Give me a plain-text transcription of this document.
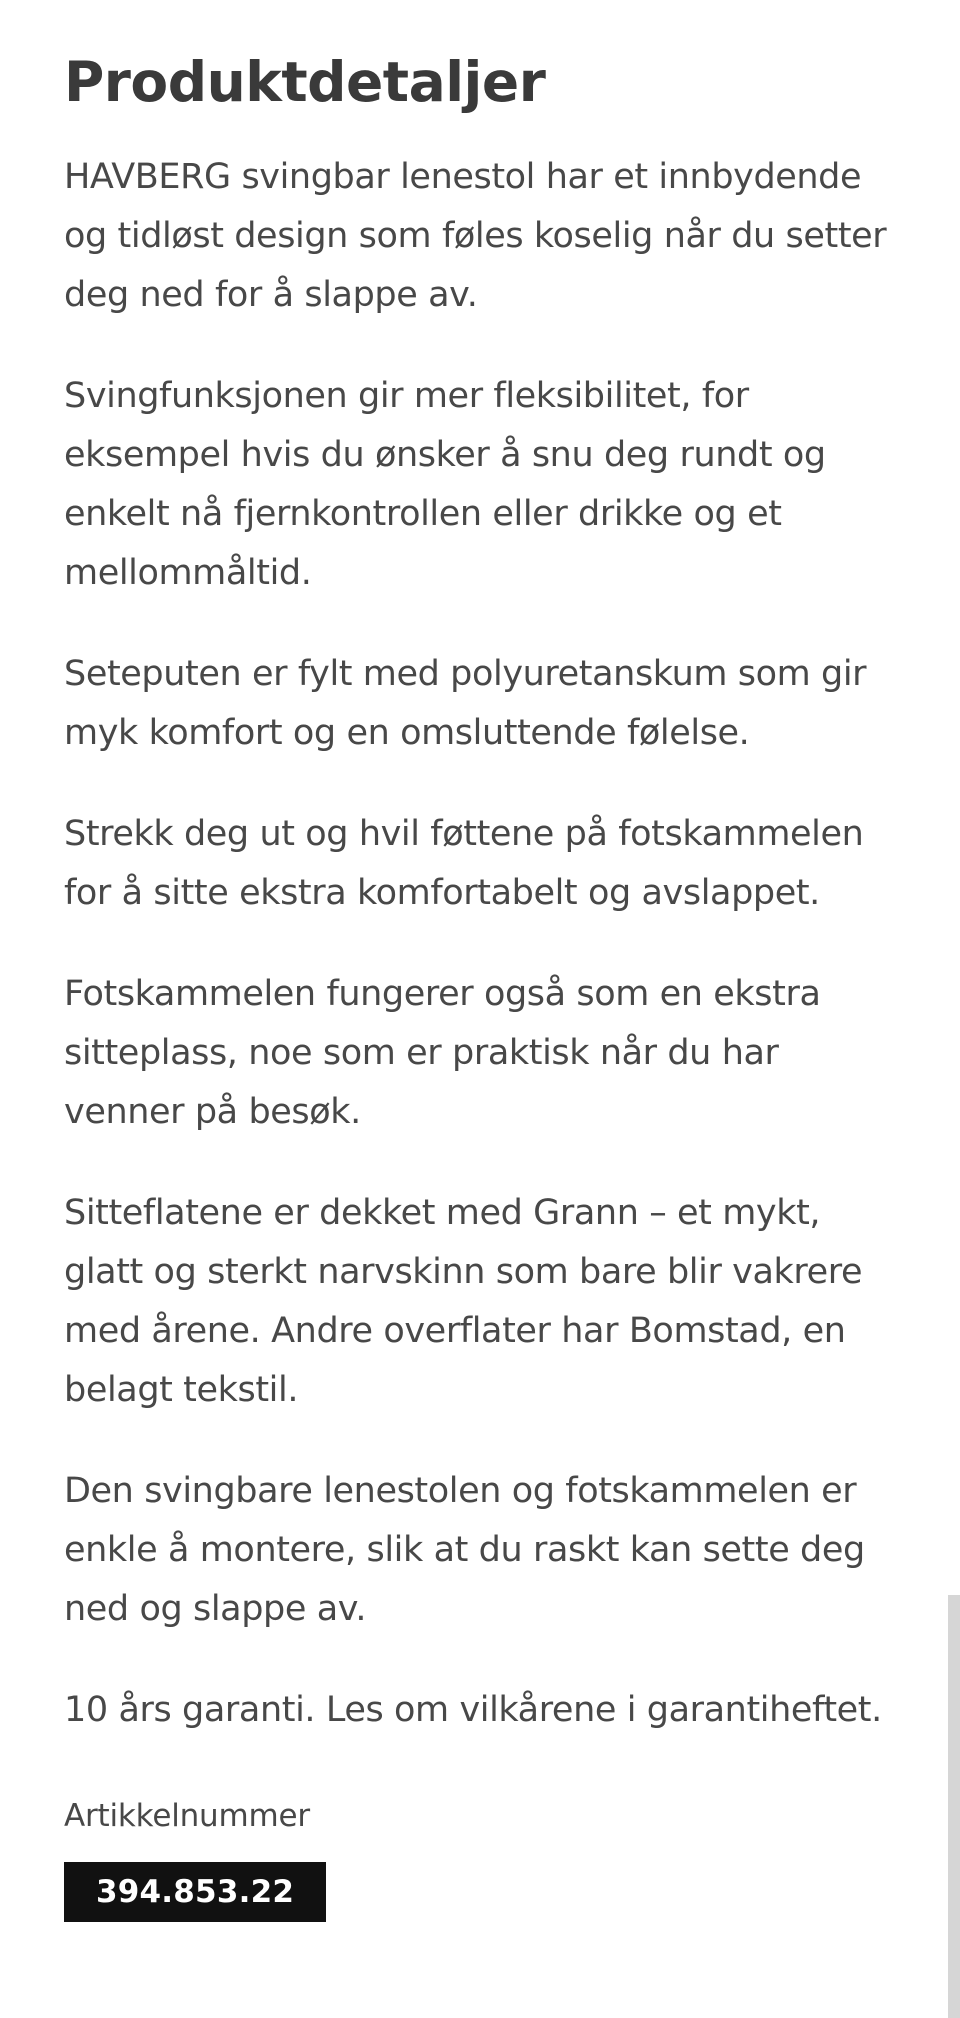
Produktdetaljer

HAVBERG svingbar lenestol har et innbydende og tidløst design som føles koselig når du setter deg ned for å slappe av.

Svingfunksjonen gir mer fleksibilitet, for eksempel hvis du ønsker å snu deg rundt og enkelt nå fjernkontrollen eller drikke og et mellommåltid.

Seteputen er fylt med polyuretanskum som gir myk komfort og en omsluttende følelse.

Strekk deg ut og hvil føttene på fotskammelen for å sitte ekstra komfortabelt og avslappet.

Fotskammelen fungerer også som en ekstra sitteplass, noe som er praktisk når du har venner på besøk.

Sitteflatene er dekket med Grann – et mykt, glatt og sterkt narvskinn som bare blir vakrere med årene. Andre overflater har Bomstad, en belagt tekstil.

Den svingbare lenestolen og fotskammelen er enkle å montere, slik at du raskt kan sette deg ned og slappe av.

10 års garanti. Les om vilkårene i garantiheftet.

Artikkelnummer
394.853.22
